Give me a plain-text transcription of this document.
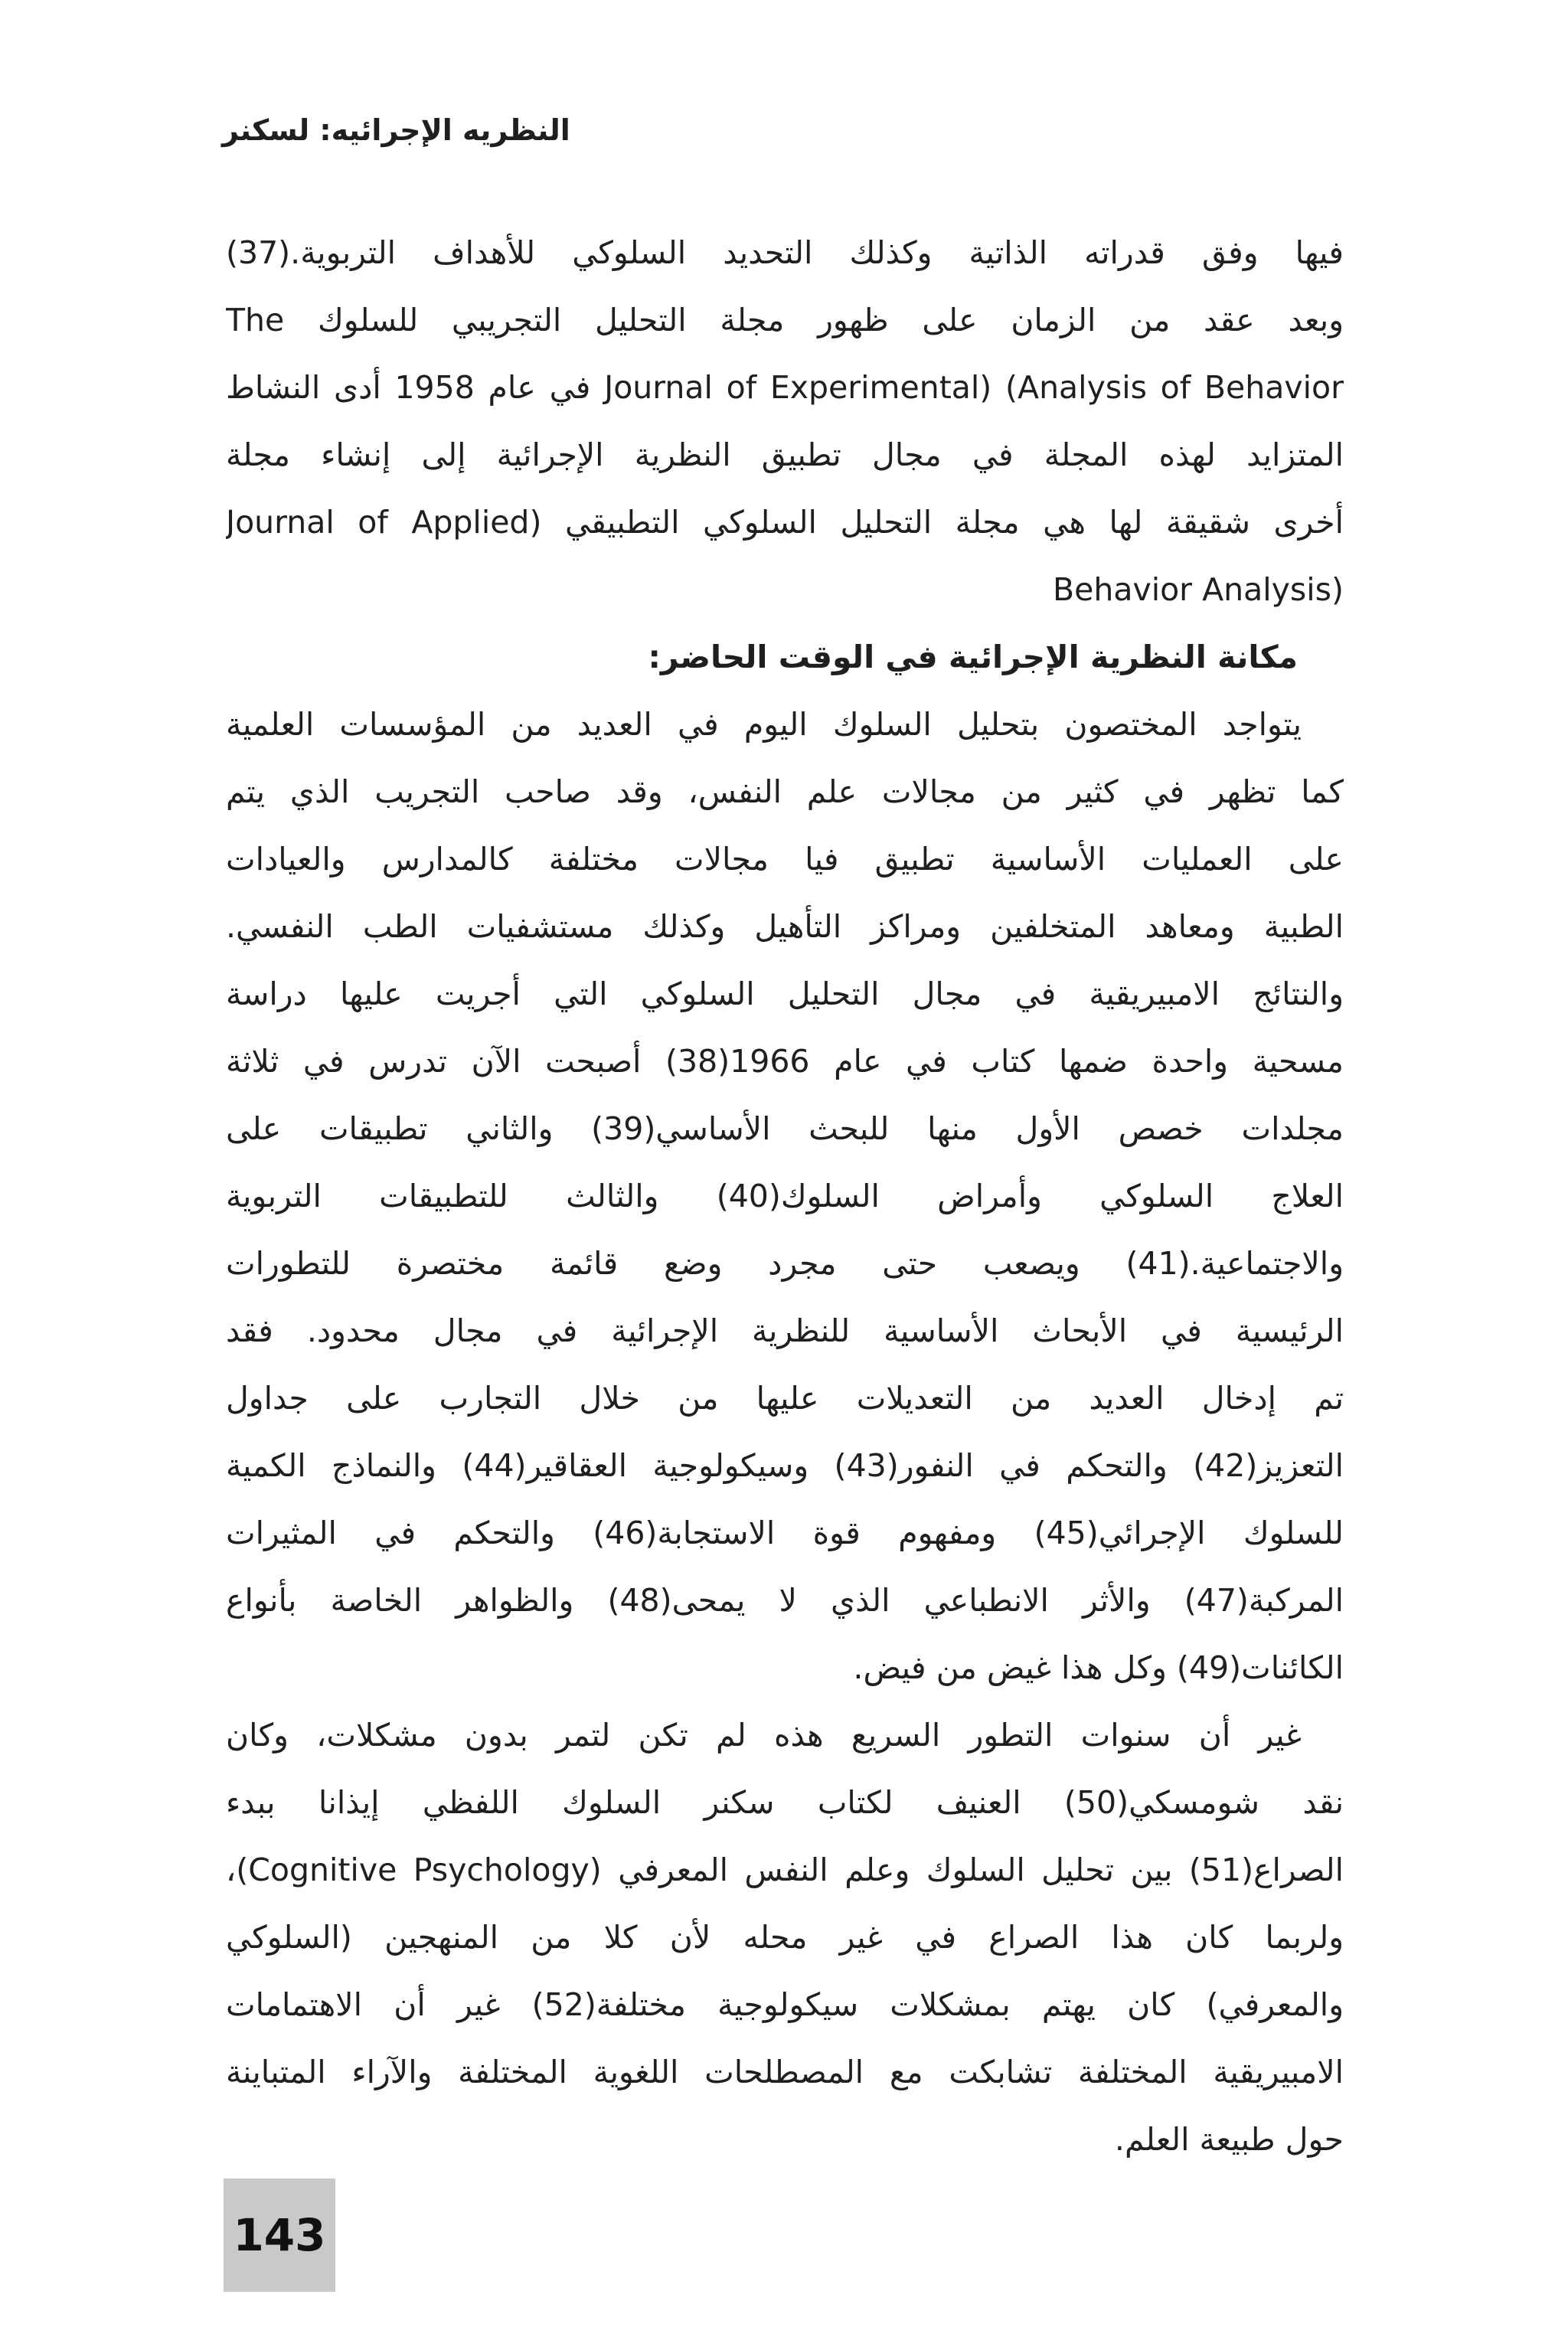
النظريه الإجرائيه: لسكنر
فيها وفق قدراته الذاتية وكذلك التحديد السلوكي للأهداف التربوية.(37)
وبعد عقد من الزمان على ظهور مجلة التحليل التجريبي للسلوك The
Journal of Experimental) (Analysis of Behavior في عام 1958 أدى النشاط
المتزايد لهذه المجلة في مجال تطبيق النظرية الإجرائية إلى إنشاء مجلة
أخرى شقيقة لها هي مجلة التحليل السلوكي التطبيقي (Journal of Applied
(Behavior Analysis
مكانة النظرية الإجرائية في الوقت الحاضر:
يتواجد المختصون بتحليل السلوك اليوم في العديد من المؤسسات العلمية
كما تظهر في كثير من مجالات علم النفس، وقد صاحب التجريب الذي يتم
على العمليات الأساسية تطبيق فيا مجالات مختلفة كالمدارس والعيادات
الطبية ومعاهد المتخلفين ومراكز التأهيل وكذلك مستشفيات الطب النفسي.
والنتائج الامبيريقية في مجال التحليل السلوكي التي أجريت عليها دراسة
مسحية واحدة ضمها كتاب في عام 1966(38) أصبحت الآن تدرس في ثلاثة
مجلدات خصص الأول منها للبحث الأساسي(39) والثاني تطبيقات على
العلاج السلوكي وأمراض السلوك(40) والثالث للتطبيقات التربوية
والاجتماعية.(41) ويصعب حتى مجرد وضع قائمة مختصرة للتطورات
الرئيسية في الأبحاث الأساسية للنظرية الإجرائية في مجال محدود. فقد
تم إدخال العديد من التعديلات عليها من خلال التجارب على جداول
التعزيز(42) والتحكم في النفور(43) وسيكولوجية العقاقير(44) والنماذج الكمية
للسلوك الإجرائي(45) ومفهوم قوة الاستجابة(46) والتحكم في المثيرات
المركبة(47) والأثر الانطباعي الذي لا يمحى(48) والظواهر الخاصة بأنواع
الكائنات(49) وكل هذا غيض من فيض.
غير أن سنوات التطور السريع هذه لم تكن لتمر بدون مشكلات، وكان
نقد شومسكي(50) العنيف لكتاب سكنر السلوك اللفظي إيذانا ببدء
الصراع(51) بين تحليل السلوك وعلم النفس المعرفي (Cognitive Psychology)،
ولربما كان هذا الصراع في غير محله لأن كلا من المنهجين (السلوكي
والمعرفي) كان يهتم بمشكلات سيكولوجية مختلفة(52) غير أن الاهتمامات
الامبيريقية المختلفة تشابكت مع المصطلحات اللغوية المختلفة والآراء المتباينة
حول طبيعة العلم.
143
